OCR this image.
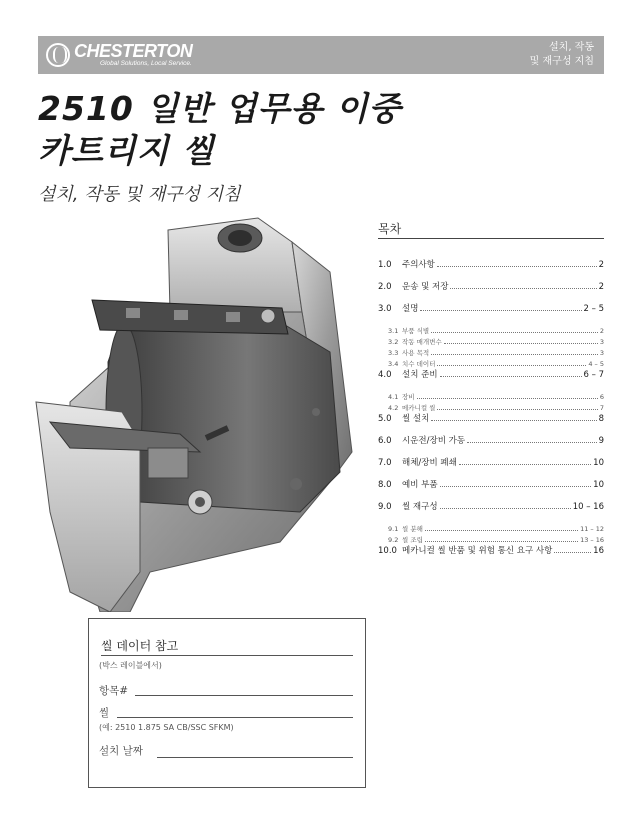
CHESTERTON
Global Solutions, Local Service.
설치, 작동
및 재구성 지침
2510 일반 업무용 이중
카트리지 씰
설치, 작동 및 재구성 지침
목차
1.0	주의사항	2
2.0	운송 및 저장	2
3.0	설명	2 – 5
3.1 부품 식별	2
3.2 작동 매개변수	3
3.3 사용 목적	3
3.4 치수 데이터	4 – 5
4.0	설치 준비	6 – 7
4.1 장비	6
4.2 메카니컬 씰	7
5.0	씰 설치	8
6.0	시운전/장비 가동	9
7.0	해체/장비 폐쇄	10
8.0	예비 부품	10
9.0	씰 재구성	10 – 16
9.1 씰 분해	11 – 12
9.2 씰 조립	13 – 16
10.0 메카니컬 씰 반품 및 위험 통신 요구 사항	16
씰 데이터 참고
(박스 레이블에서)
항목#
씰
(예: 2510 1.875 SA CB/SSC SFKM)
설치 날짜
